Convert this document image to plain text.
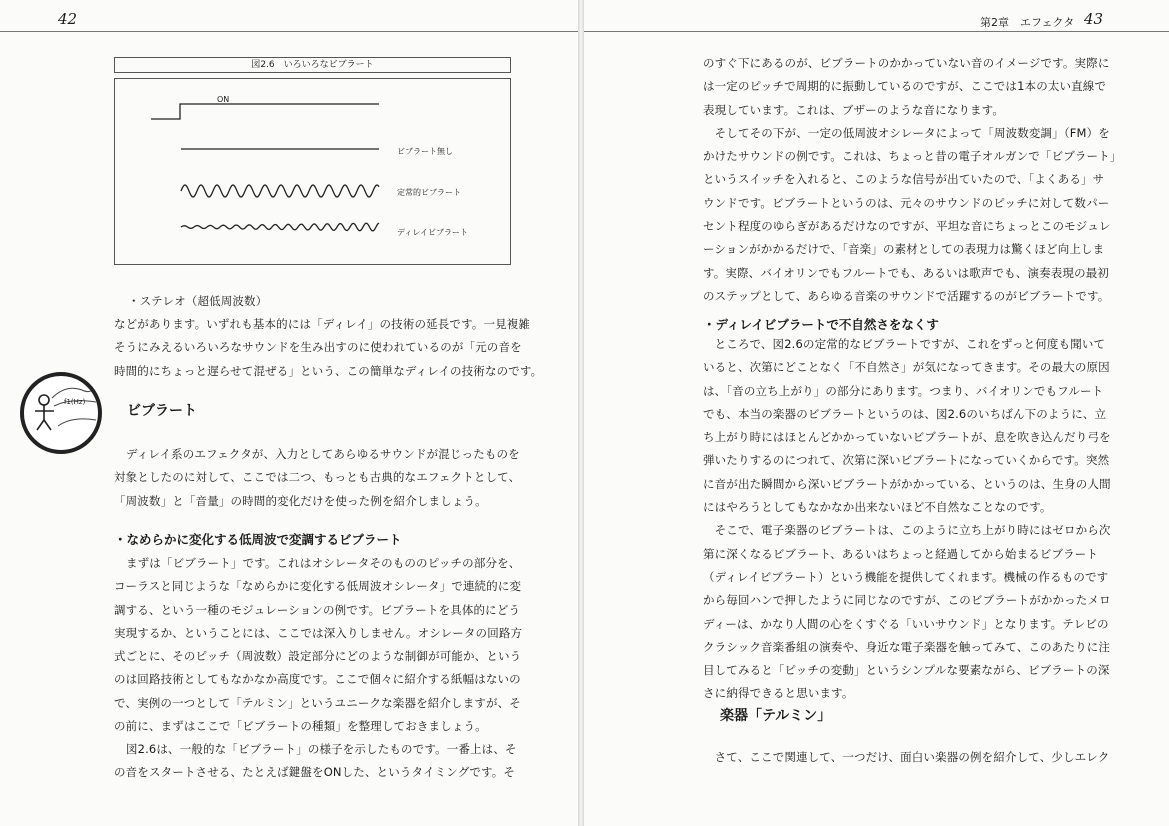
42
図2.6　いろいろなビブラート
ON
ビブラート無し
定常的ビブラート
ディレイビブラート
・ステレオ（超低周波数）
などがあります。いずれも基本的には「ディレイ」の技術の延長です。一見複雑
そうにみえるいろいろなサウンドを生み出すのに使われているのが「元の音を
時間的にちょっと遅らせて混ぜる」という、この簡単なディレイの技術なのです。
f1(Hz)
ビブラート
ディレイ系のエフェクタが、入力としてあらゆるサウンドが混じったものを
対象としたのに対して、ここでは二つ、もっとも古典的なエフェクトとして、
「周波数」と「音量」の時間的変化だけを使った例を紹介しましょう。
・なめらかに変化する低周波で変調するビブラート
まずは「ビブラート」です。これはオシレータそのもののピッチの部分を、
コーラスと同じような「なめらかに変化する低周波オシレータ」で連続的に変
調する、という一種のモジュレーションの例です。ビブラートを具体的にどう
実現するか、ということには、ここでは深入りしません。オシレータの回路方
式ごとに、そのピッチ（周波数）設定部分にどのような制御が可能か、という
のは回路技術としてもなかなか高度です。ここで個々に紹介する紙幅はないの
で、実例の一つとして「テルミン」というユニークな楽器を紹介しますが、そ
の前に、まずはここで「ビブラートの種類」を整理しておきましょう。
図2.6は、一般的な「ビブラート」の様子を示したものです。一番上は、そ
の音をスタートさせる、たとえば鍵盤をONした、というタイミングです。そ
第2章　エフェクタ 43
のすぐ下にあるのが、ビブラートのかかっていない音のイメージです。実際に
は一定のピッチで周期的に振動しているのですが、ここでは1本の太い直線で
表現しています。これは、ブザーのような音になります。
　そしてその下が、一定の低周波オシレータによって「周波数変調」（FM）を
かけたサウンドの例です。これは、ちょっと昔の電子オルガンで「ビブラート」
というスイッチを入れると、このような信号が出ていたので、「よくある」サ
ウンドです。ビブラートというのは、元々のサウンドのピッチに対して数パー
セント程度のゆらぎがあるだけなのですが、平坦な音にちょっとこのモジュレ
ーションがかかるだけで、「音楽」の素材としての表現力は驚くほど向上しま
す。実際、バイオリンでもフルートでも、あるいは歌声でも、演奏表現の最初
のステップとして、あらゆる音楽のサウンドで活躍するのがビブラートです。
・ディレイビブラートで不自然さをなくす
　ところで、図2.6の定常的なビブラートですが、これをずっと何度も聞いて
いると、次第にどことなく「不自然さ」が気になってきます。その最大の原因
は、「音の立ち上がり」の部分にあります。つまり、バイオリンでもフルート
でも、本当の楽器のビブラートというのは、図2.6のいちばん下のように、立
ち上がり時にはほとんどかかっていないビブラートが、息を吹き込んだり弓を
弾いたりするのにつれて、次第に深いビブラートになっていくからです。突然
に音が出た瞬間から深いビブラートがかかっている、というのは、生身の人間
にはやろうとしてもなかなか出来ないほど不自然なことなのです。
　そこで、電子楽器のビブラートは、このように立ち上がり時にはゼロから次
第に深くなるビブラート、あるいはちょっと経過してから始まるビブラート
（ディレイビブラート）という機能を提供してくれます。機械の作るものです
から毎回ハンで押したように同じなのですが、このビブラートがかかったメロ
ディーは、かなり人間の心をくすぐる「いいサウンド」となります。テレビの
クラシック音楽番組の演奏や、身近な電子楽器を触ってみて、このあたりに注
目してみると「ピッチの変動」というシンプルな要素ながら、ビブラートの深
さに納得できると思います。
楽器「テルミン」
　さて、ここで関連して、一つだけ、面白い楽器の例を紹介して、少しエレク
